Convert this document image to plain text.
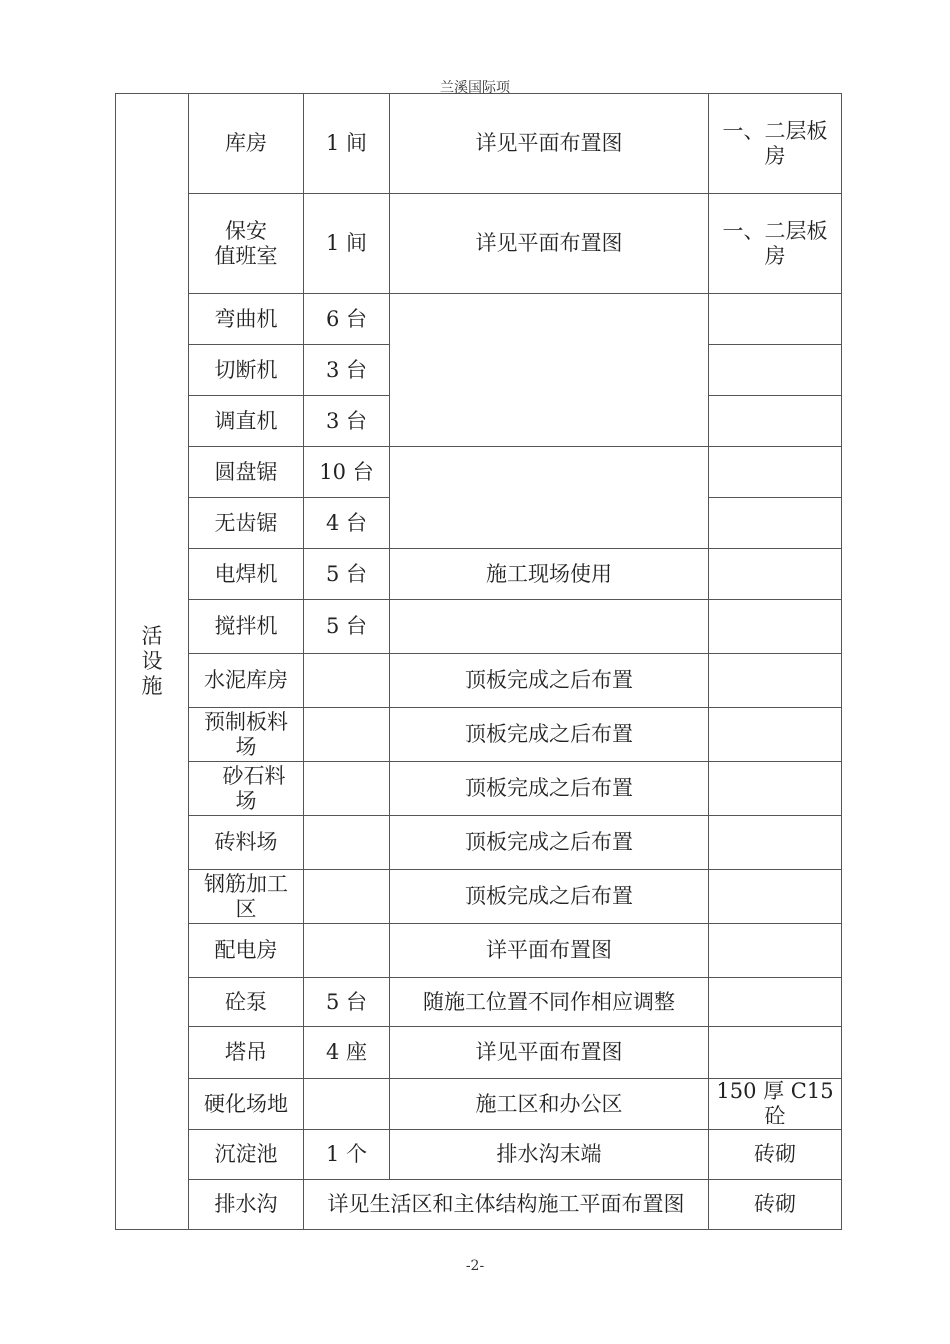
兰溪国际项
活
设
施	库房	1 间	详见平面布置图	一、二层板
房

	保安
值班室	1 间	详见平面布置图	一、二层板
房

	弯曲机	6 台		
	切断机	3 台		
	调直机	3 台		
	圆盘锯	10 台		
	无齿锯	4 台		
	电焊机	5 台	施工现场使用	
	搅拌机	5 台		
	水泥库房		顶板完成之后布置	

	预制板料
场		顶板完成之后布置	

	砂石料
场		顶板完成之后布置	
	砖料场		顶板完成之后布置	

	钢筋加工
区		顶板完成之后布置	
	配电房		详平面布置图	
	砼泵	5 台	随施工位置不同作相应调整	
	塔吊	4 座	详见平面布置图	
	硬化场地		施工区和办公区	150 厚 C15 砼
	沉淀池	1 个	排水沟末端	砖砌
	排水沟	详见生活区和主体结构施工平面布置图		砖砌
-2-
